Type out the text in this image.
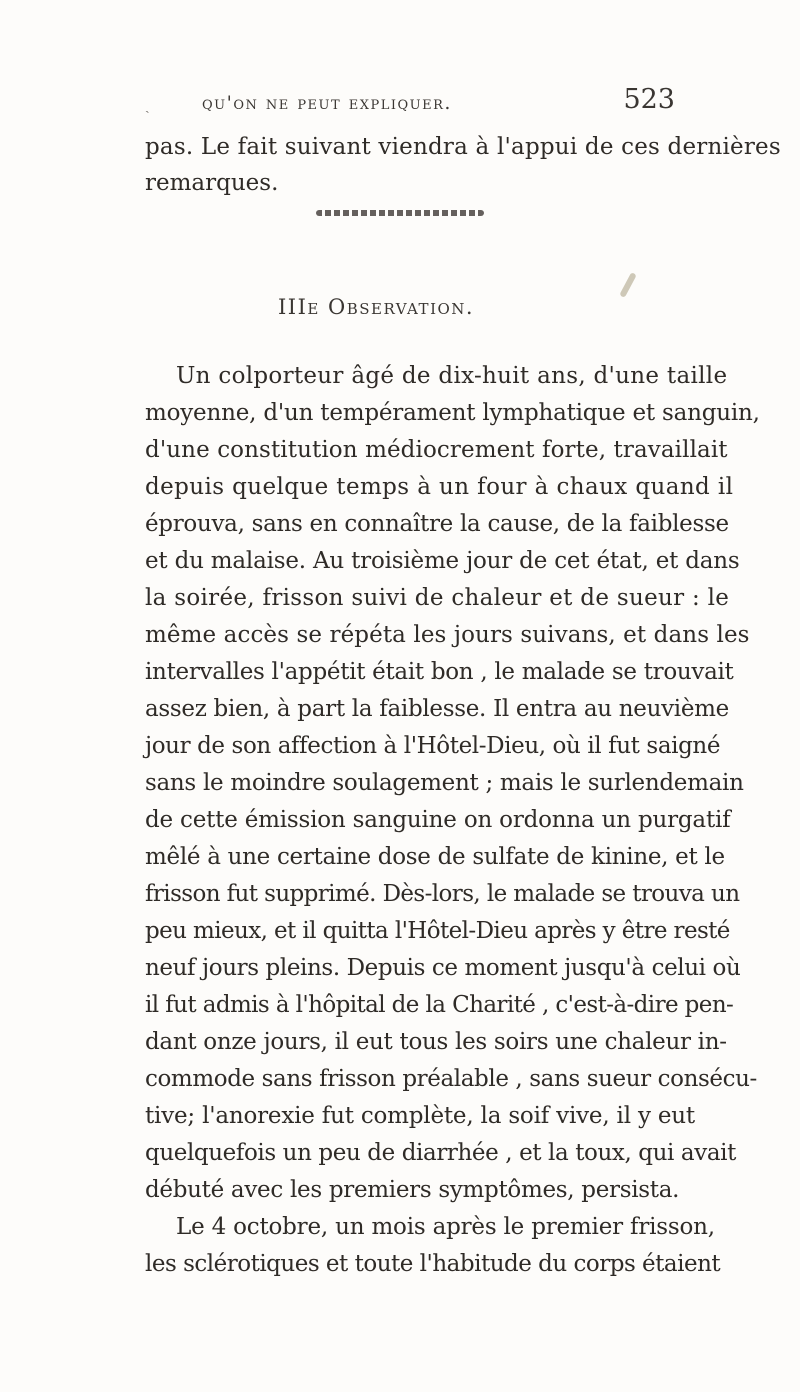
ˏ	qu'on ne peut expliquer.	523
pas. Le fait suivant viendra à l'appui de ces dernières
remarques.
IIIe Observation.
Un colporteur âgé de dix-huit ans, d'une taille
moyenne, d'un tempérament lymphatique et sanguin,
d'une constitution médiocrement forte, travaillait
depuis quelque temps à un four à chaux quand il
éprouva, sans en connaître la cause, de la faiblesse
et du malaise. Au troisième jour de cet état, et dans
la soirée, frisson suivi de chaleur et de sueur : le
même accès se répéta les jours suivans, et dans les
intervalles l'appétit était bon , le malade se trouvait
assez bien, à part la faiblesse. Il entra au neuvième
jour de son affection à l'Hôtel-Dieu, où il fut saigné
sans le moindre soulagement ; mais le surlendemain
de cette émission sanguine on ordonna un purgatif
mêlé à une certaine dose de sulfate de kinine, et le
frisson fut supprimé. Dès-lors, le malade se trouva un
peu mieux, et il quitta l'Hôtel-Dieu après y être resté
neuf jours pleins. Depuis ce moment jusqu'à celui où
il fut admis à l'hôpital de la Charité , c'est-à-dire pen-
dant onze jours, il eut tous les soirs une chaleur in-
commode sans frisson préalable , sans sueur consécu-
tive; l'anorexie fut complète, la soif vive, il y eut
quelquefois un peu de diarrhée , et la toux, qui avait
débuté avec les premiers symptômes, persista.
Le 4 octobre, un mois après le premier frisson,
les sclérotiques et toute l'habitude du corps étaient
